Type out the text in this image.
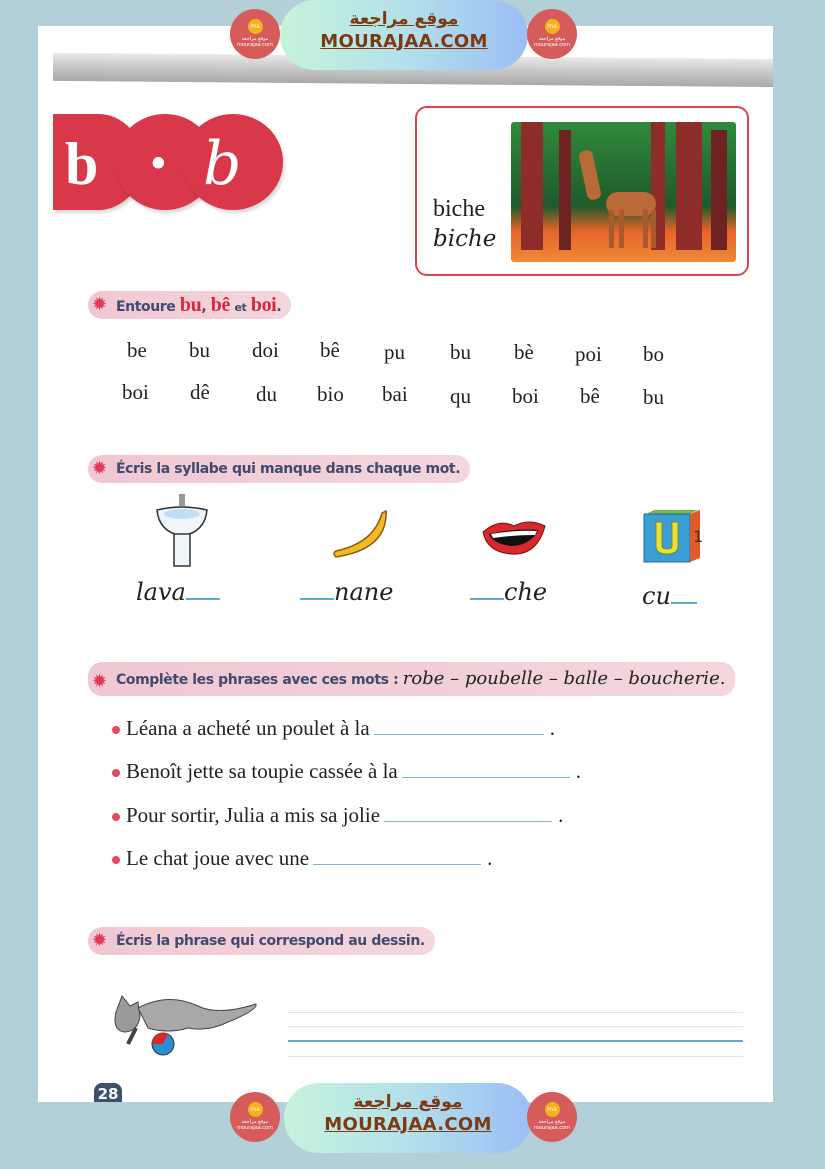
b • b
biche
biche
✹ Entoure bu, bê et boi.
be bu doi bê pu bu bè poi bo
boi dê du bio bai qu boi bê bu
✹ Écris la syllabe qui manque dans chaque mot.
lava	nane	che
1
cu
✹ Complète les phrases avec ces mots : robe – poubelle – balle – boucherie.
Léana a acheté un poulet à la	.
Benoît jette sa toupie cassée à la	.
Pour sortir, Julia a mis sa jolie	.
Le chat joue avec une	.
✹ Écris la phrase qui correspond au dessin.
28
ma
موقع مراجعة mourajaa.com
موقع مراجعة
MOURAJAA.COM
ma
موقع مراجعة mourajaa.com
ma
موقع مراجعة mourajaa.com
موقع مراجعة
MOURAJAA.COM
ma
موقع مراجعة mourajaa.com
